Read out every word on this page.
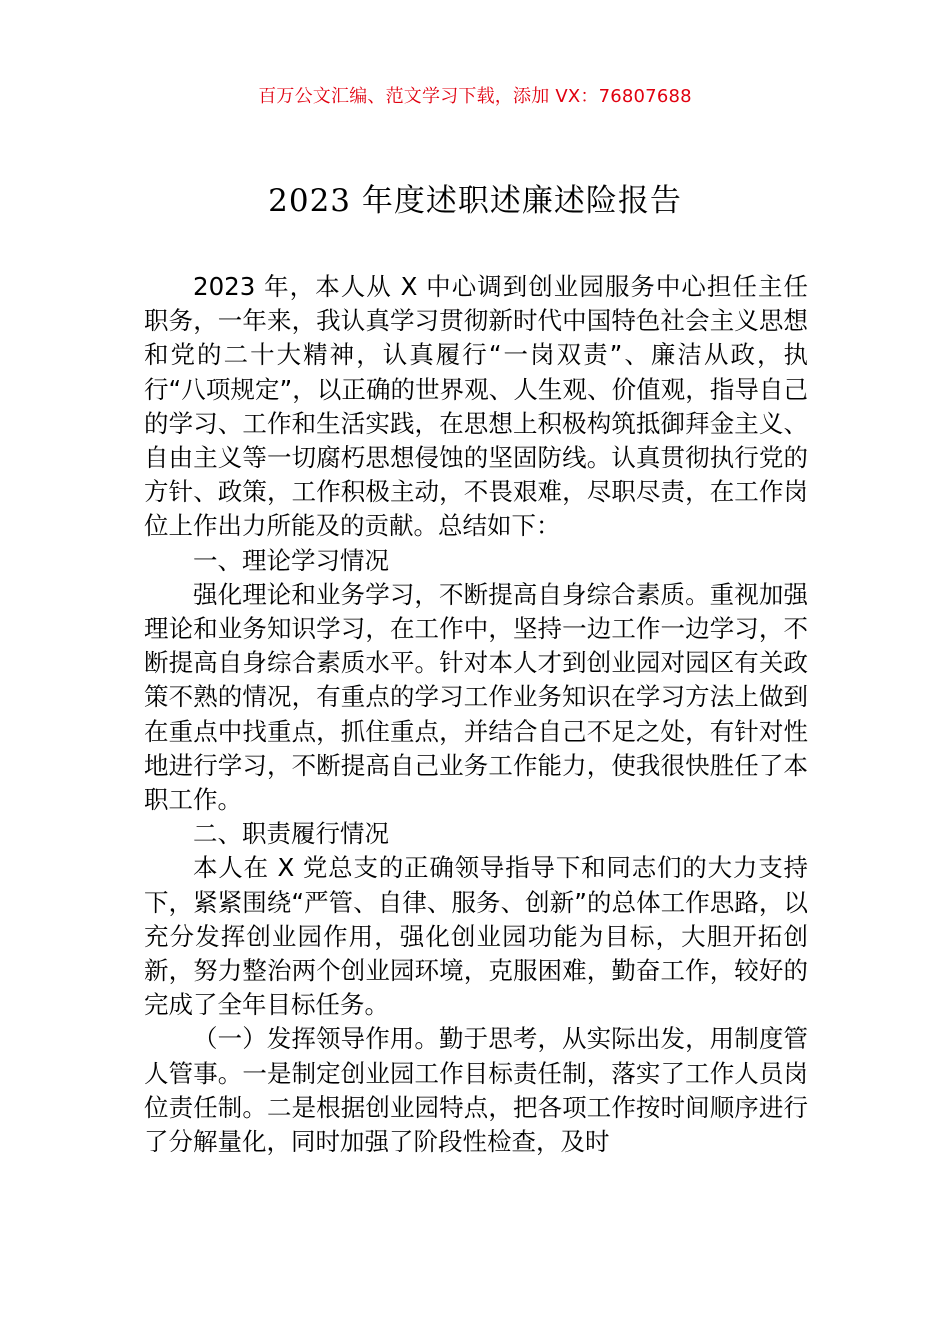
百万公文汇编、范文学习下载，添加 VX：76807688
2023 年度述职述廉述险报告

2023 年，本人从 X 中心调到创业园服务中心担任主任职务，一年来，我认真学习贯彻新时代中国特色社会主义思想和党的二十大精神，认真履行“一岗双责”、廉洁从政，执行“八项规定”，以正确的世界观、人生观、价值观，指导自己的学习、工作和生活实践，在思想上积极构筑抵御拜金主义、自由主义等一切腐朽思想侵蚀的坚固防线。认真贯彻执行党的方针、政策，工作积极主动，不畏艰难，尽职尽责，在工作岗位上作出力所能及的贡献。总结如下：

一、理论学习情况

强化理论和业务学习，不断提高自身综合素质。重视加强理论和业务知识学习，在工作中，坚持一边工作一边学习，不断提高自身综合素质水平。针对本人才到创业园对园区有关政策不熟的情况，有重点的学习工作业务知识在学习方法上做到在重点中找重点，抓住重点，并结合自己不足之处，有针对性地进行学习，不断提高自己业务工作能力，使我很快胜任了本职工作。

二、职责履行情况

本人在 X 党总支的正确领导指导下和同志们的大力支持下，紧紧围绕“严管、自律、服务、创新”的总体工作思路，以充分发挥创业园作用，强化创业园功能为目标，大胆开拓创新，努力整治两个创业园环境，克服困难，勤奋工作，较好的完成了全年目标任务。

（一）发挥领导作用。勤于思考，从实际出发，用制度管人管事。一是制定创业园工作目标责任制，落实了工作人员岗位责任制。二是根据创业园特点，把各项工作按时间顺序进行了分解量化，同时加强了阶段性检查，及时
